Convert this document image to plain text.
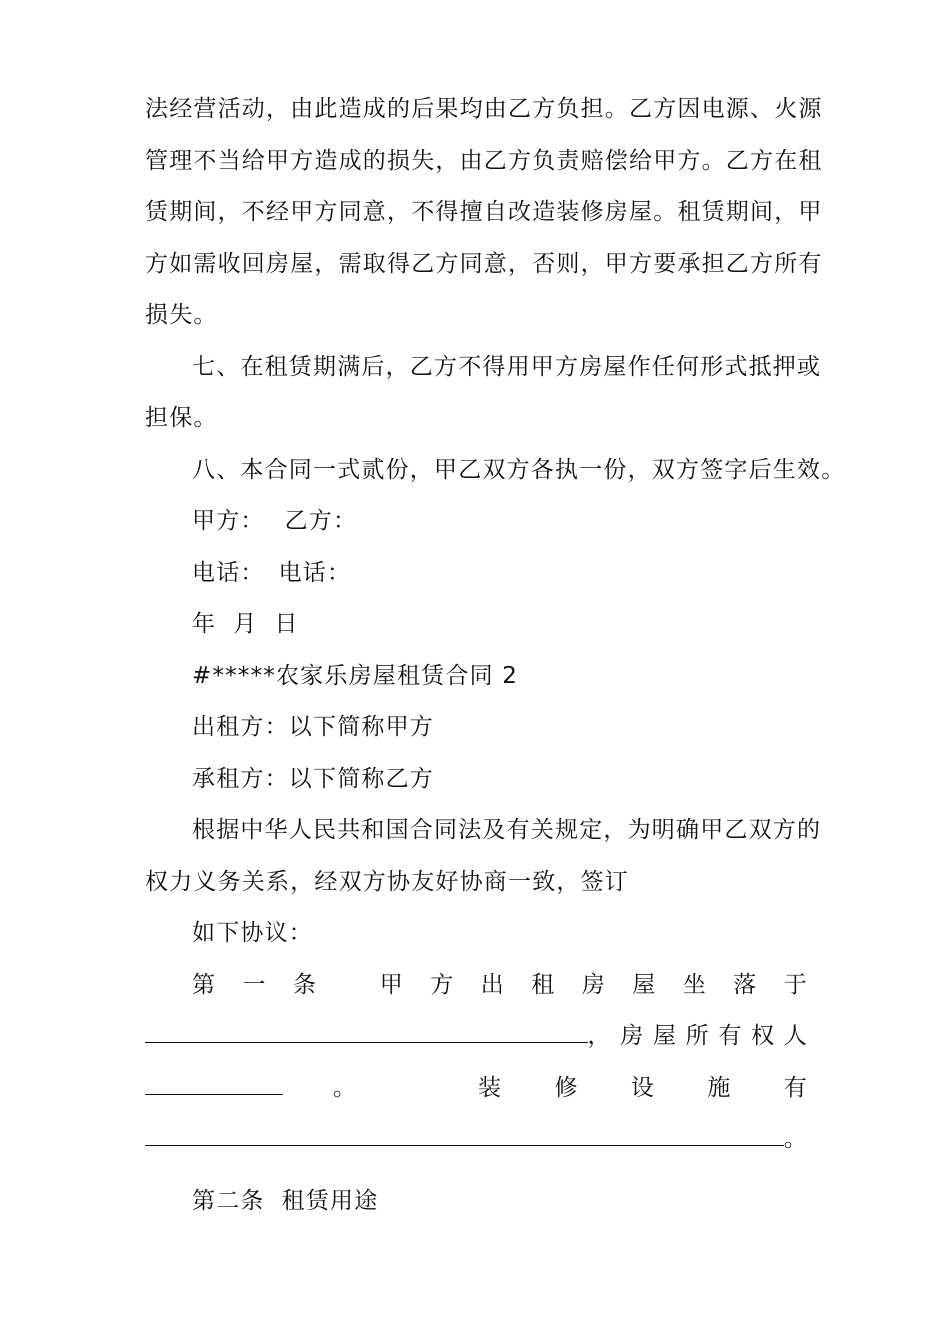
法经营活动，由此造成的后果均由乙方负担。乙方因电源、火源
管理不当给甲方造成的损失，由乙方负责赔偿给甲方。乙方在租
赁期间，不经甲方同意，不得擅自改造装修房屋。租赁期间，甲
方如需收回房屋，需取得乙方同意，否则，甲方要承担乙方所有
损失。
七、在租赁期满后，乙方不得用甲方房屋作任何形式抵押或
担保。
八、本合同一式贰份，甲乙双方各执一份，双方签字后生效。
甲方： 乙方：
电话： 电话：
年  月  日
#*****农家乐房屋租赁合同 2
出租方：以下简称甲方
承租方：以下简称乙方
根据中华人民共和国合同法及有关规定，为明确甲乙双方的
权力义务关系，经双方协友好协商一致，签订
如下协议：
第 一 条	甲 方 出 租 房 屋 坐 落 于
， 房 屋 所 有 权 人
。	装 修 设 施 有
。
第二条  租赁用途
